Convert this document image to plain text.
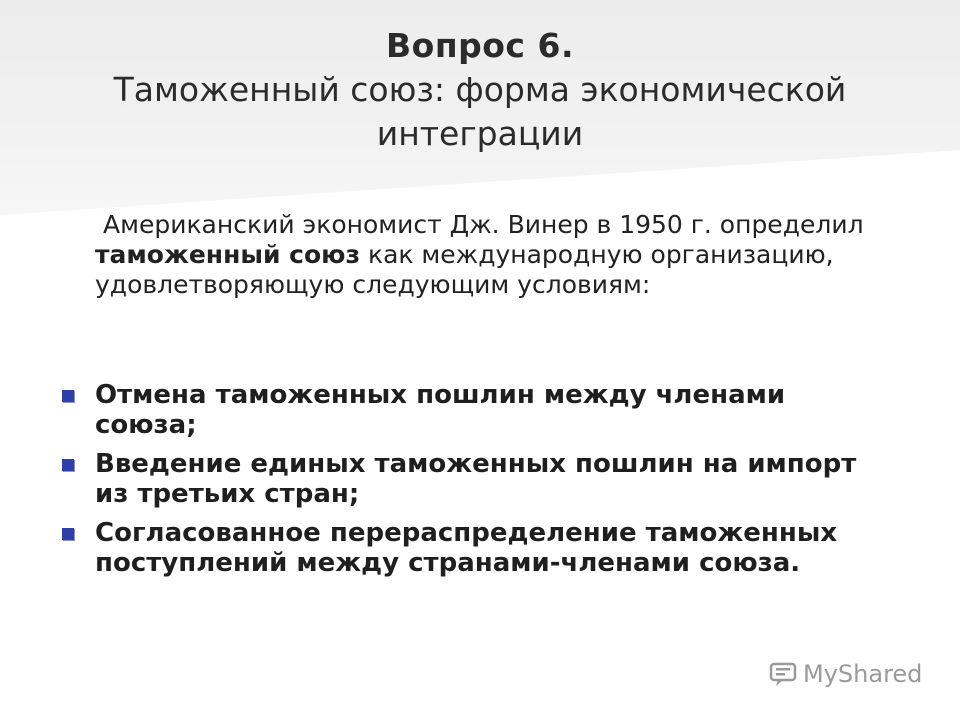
Вопрос 6.
Таможенный союз: форма экономической интеграции
Американский экономист Дж. Винер в 1950 г. определил таможенный союз как международную организацию, удовлетворяющую следующим условиям:
Отмена таможенных пошлин между членами союза;
Введение единых таможенных пошлин на импорт из третьих стран;
Согласованное перераспределение таможенных поступлений между странами-членами союза.
MyShared
